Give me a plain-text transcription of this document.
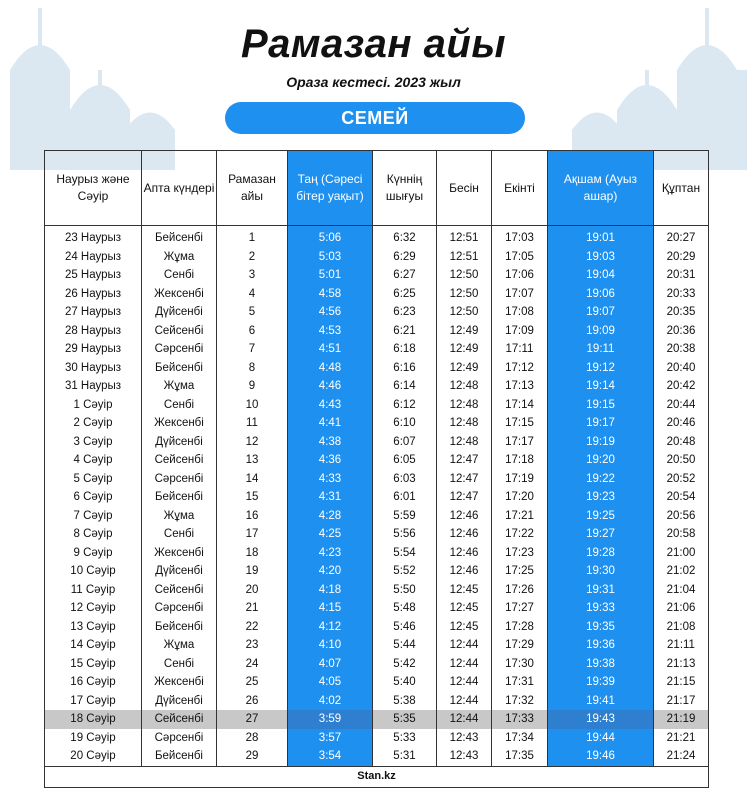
Рамазан айы
Ораза кестесі. 2023 жыл
СЕМЕЙ
Наурыз және Сәуір	Апта күндері	Рамазан айы	Таң (Сәресі бітер уақыт)	Күннің шығуы	Бесін	Екінті	Ақшам (Ауыз ашар)	Құптан
23 Наурыз	Бейсенбі	1	5:06	6:32	12:51	17:03	19:01	20:27
24 Наурыз	Жұма	2	5:03	6:29	12:51	17:05	19:03	20:29
25 Наурыз	Сенбі	3	5:01	6:27	12:50	17:06	19:04	20:31
26 Наурыз	Жексенбі	4	4:58	6:25	12:50	17:07	19:06	20:33
27 Наурыз	Дүйсенбі	5	4:56	6:23	12:50	17:08	19:07	20:35
28 Наурыз	Сейсенбі	6	4:53	6:21	12:49	17:09	19:09	20:36
29 Наурыз	Сәрсенбі	7	4:51	6:18	12:49	17:11	19:11	20:38
30 Наурыз	Бейсенбі	8	4:48	6:16	12:49	17:12	19:12	20:40
31 Наурыз	Жұма	9	4:46	6:14	12:48	17:13	19:14	20:42
1 Сәуір	Сенбі	10	4:43	6:12	12:48	17:14	19:15	20:44
2 Сәуір	Жексенбі	11	4:41	6:10	12:48	17:15	19:17	20:46
3 Сәуір	Дүйсенбі	12	4:38	6:07	12:48	17:17	19:19	20:48
4 Сәуір	Сейсенбі	13	4:36	6:05	12:47	17:18	19:20	20:50
5 Сәуір	Сәрсенбі	14	4:33	6:03	12:47	17:19	19:22	20:52
6 Сәуір	Бейсенбі	15	4:31	6:01	12:47	17:20	19:23	20:54
7 Сәуір	Жұма	16	4:28	5:59	12:46	17:21	19:25	20:56
8 Сәуір	Сенбі	17	4:25	5:56	12:46	17:22	19:27	20:58
9 Сәуір	Жексенбі	18	4:23	5:54	12:46	17:23	19:28	21:00
10 Сәуір	Дүйсенбі	19	4:20	5:52	12:46	17:25	19:30	21:02
11 Сәуір	Сейсенбі	20	4:18	5:50	12:45	17:26	19:31	21:04
12 Сәуір	Сәрсенбі	21	4:15	5:48	12:45	17:27	19:33	21:06
13 Сәуір	Бейсенбі	22	4:12	5:46	12:45	17:28	19:35	21:08
14 Сәуір	Жұма	23	4:10	5:44	12:44	17:29	19:36	21:11
15 Сәуір	Сенбі	24	4:07	5:42	12:44	17:30	19:38	21:13
16 Сәуір	Жексенбі	25	4:05	5:40	12:44	17:31	19:39	21:15
17 Сәуір	Дүйсенбі	26	4:02	5:38	12:44	17:32	19:41	21:17
18 Сәуір	Сейсенбі	27	3:59	5:35	12:44	17:33	19:43	21:19
19 Сәуір	Сәрсенбі	28	3:57	5:33	12:43	17:34	19:44	21:21
20 Сәуір	Бейсенбі	29	3:54	5:31	12:43	17:35	19:46	21:24
Stan.kz								
